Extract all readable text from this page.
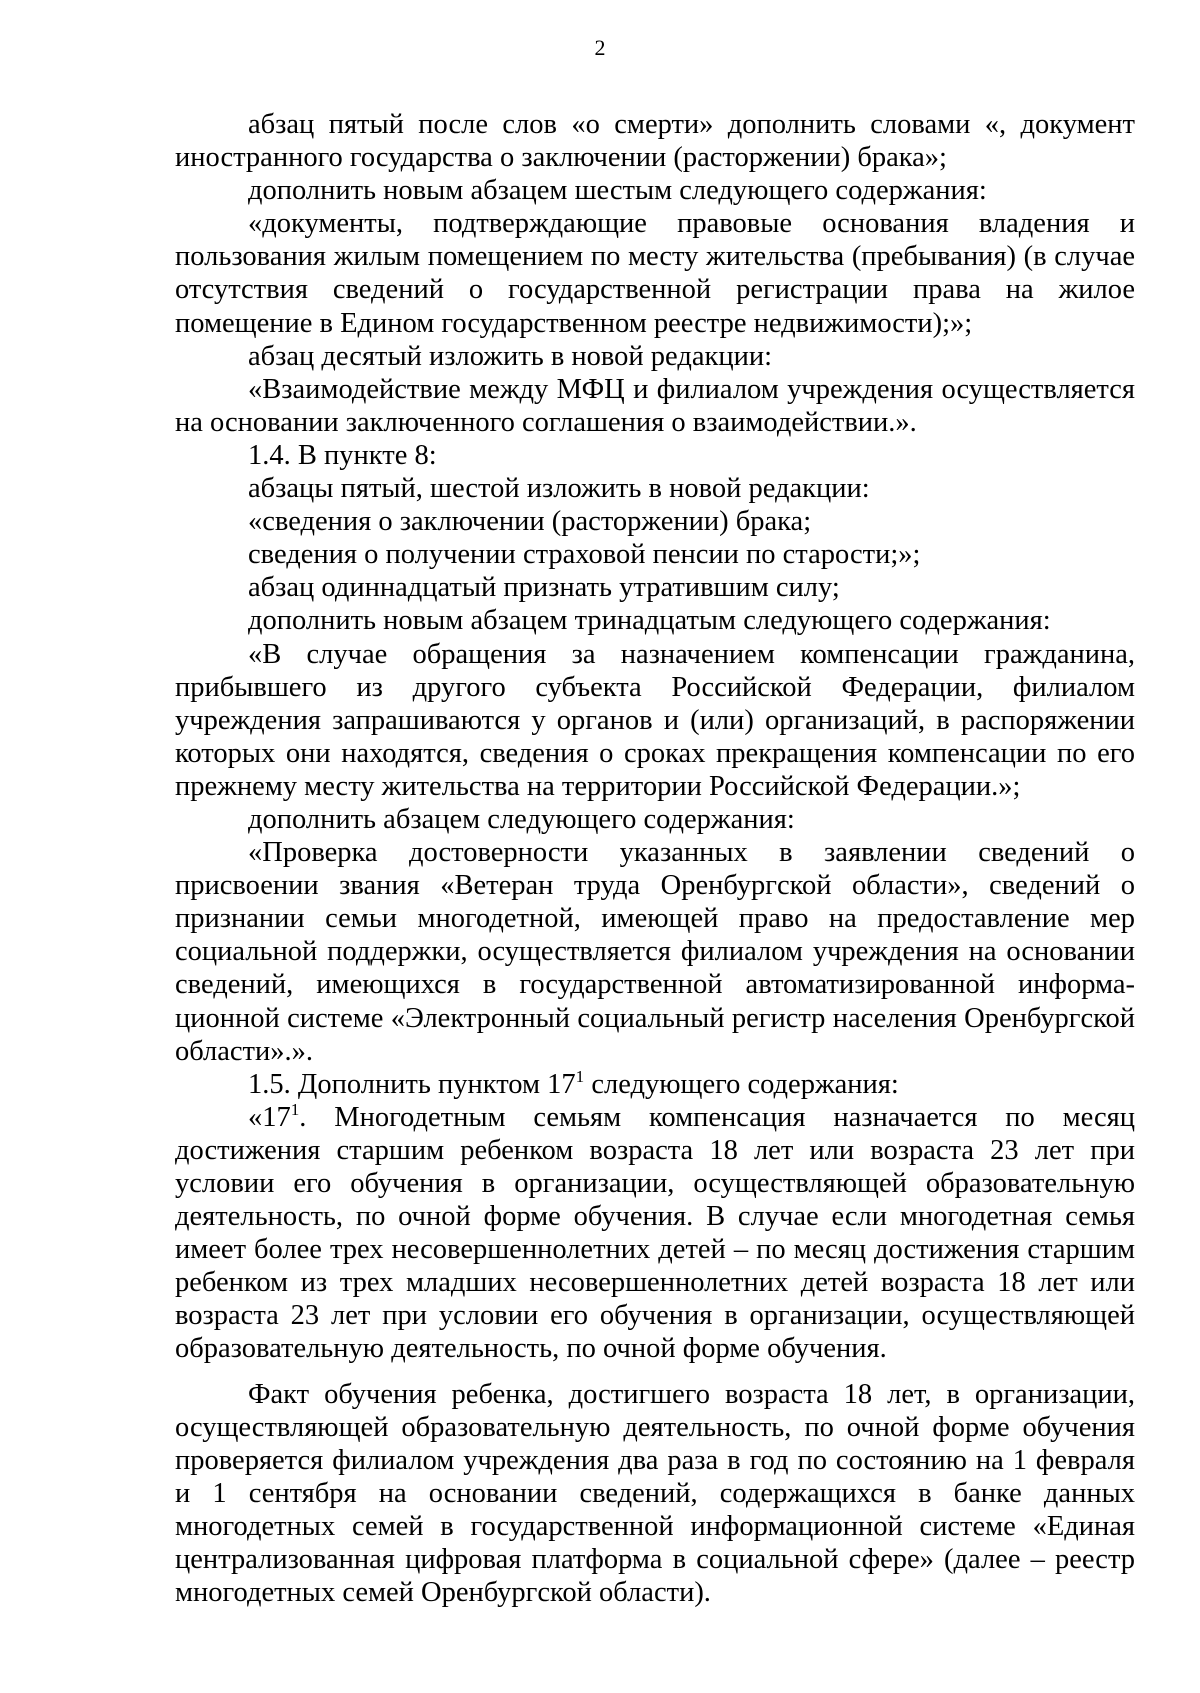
2

абзац пятый после слов «о смерти» дополнить словами «, документ иностранного государства о заключении (расторжении) брака»;

дополнить новым абзацем шестым следующего содержания:

«документы, подтверждающие правовые основания владения и пользования жилым помещением по месту жительства (пребывания) (в случае отсутствия сведений о государственной регистрации права на жилое помещение в Едином государственном реестре недвижимости);»;

абзац десятый изложить в новой редакции:

«Взаимодействие между МФЦ и филиалом учреждения осуществляется на основании заключенного соглашения о взаимодействии.».

1.4. В пункте 8:

абзацы пятый, шестой изложить в новой редакции:

«сведения о заключении (расторжении) брака;

сведения о получении страховой пенсии по старости;»;

абзац одиннадцатый признать утратившим силу;

дополнить новым абзацем тринадцатым следующего содержания:

«В случае обращения за назначением компенсации гражданина, прибывшего из другого субъекта Российской Федерации, филиалом учреждения запрашиваются у органов и (или) организаций, в распоряжении которых они находятся, сведения о сроках прекращения компенсации по его прежнему месту жительства на территории Российской Федерации.»;

дополнить абзацем следующего содержания:

«Проверка достоверности указанных в заявлении сведений о присвоении звания «Ветеран труда Оренбургской области», сведений о признании семьи многодетной, имеющей право на предоставление мер социальной поддержки, осуществляется филиалом учреждения на основании сведений, имеющихся в государственной автоматизированной информа-ционной системе «Электронный социальный регистр населения Оренбургской области».».

1.5. Дополнить пунктом $17^1$ следующего содержания:

«$17^1$. Многодетным семьям компенсация назначается по месяц достижения старшим ребенком возраста 18 лет или возраста 23 лет при условии его обучения в организации, осуществляющей образовательную деятельность, по очной форме обучения. В случае если многодетная семья имеет более трех несовершеннолетних детей – по месяц достижения старшим ребенком из трех младших несовершеннолетних детей возраста 18 лет или возраста 23 лет при условии его обучения в организации, осуществляющей образовательную деятельность, по очной форме обучения.

Факт обучения ребенка, достигшего возраста 18 лет, в организации, осуществляющей образовательную деятельность, по очной форме обучения проверяется филиалом учреждения два раза в год по состоянию на 1 февраля и 1 сентября на основании сведений, содержащихся в банке данных многодетных семей в государственной информационной системе «Единая централизованная цифровая платформа в социальной сфере» (далее – реестр многодетных семей Оренбургской области).
